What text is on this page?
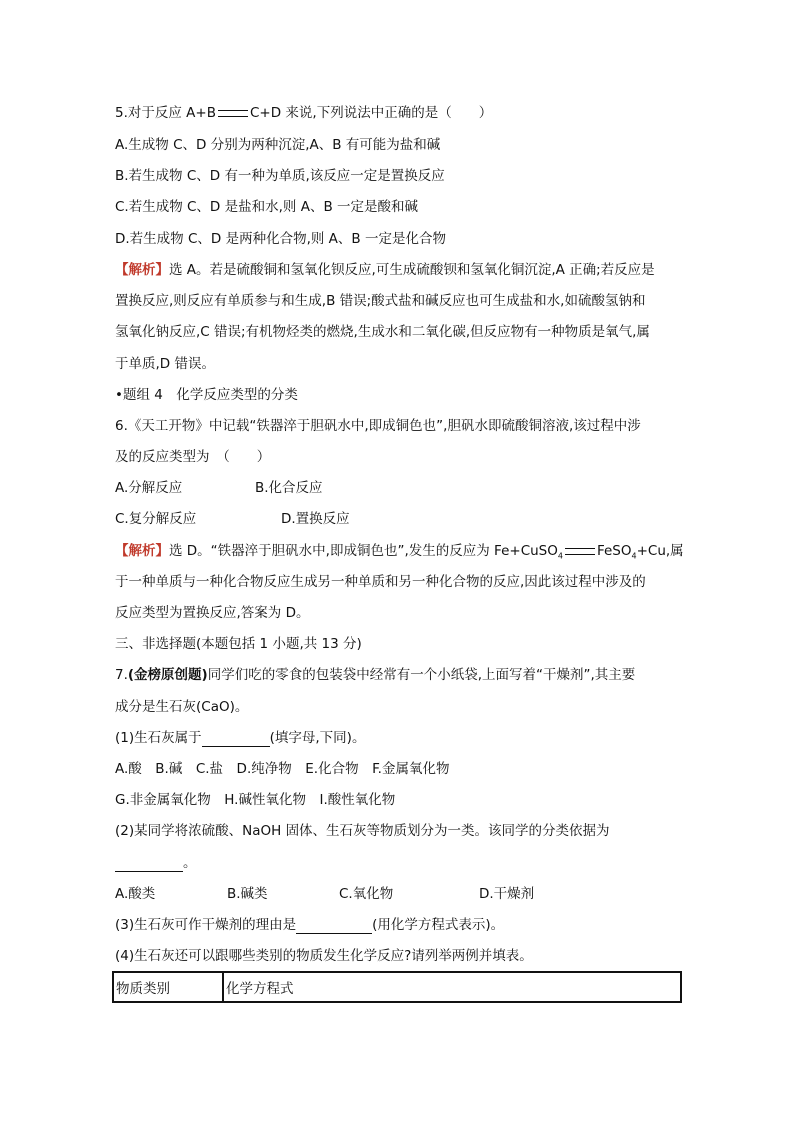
5.对于反应 A+B	C+D 来说,下列说法中正确的是（　　）
A.生成物 C、D 分别为两种沉淀,A、B 有可能为盐和碱
B.若生成物 C、D 有一种为单质,该反应一定是置换反应
C.若生成物 C、D 是盐和水,则 A、B 一定是酸和碱
D.若生成物 C、D 是两种化合物,则 A、B 一定是化合物
【解析】选 A。若是硫酸铜和氢氧化钡反应,可生成硫酸钡和氢氧化铜沉淀,A 正确;若反应是
置换反应,则反应有单质参与和生成,B 错误;酸式盐和碱反应也可生成盐和水,如硫酸氢钠和
氢氧化钠反应,C 错误;有机物烃类的燃烧,生成水和二氧化碳,但反应物有一种物质是氧气,属
于单质,D 错误。
•题组 4　化学反应类型的分类
6.《天工开物》中记载“铁器淬于胆矾水中,即成铜色也”,胆矾水即硫酸铜溶液,该过程中涉
及的反应类型为　（　　）
A.分解反应	B.化合反应
C.复分解反应	D.置换反应
【解析】选 D。“铁器淬于胆矾水中,即成铜色也”,发生的反应为 Fe+CuSO$_4$	FeSO$_4$+Cu,属
于一种单质与一种化合物反应生成另一种单质和另一种化合物的反应,因此该过程中涉及的
反应类型为置换反应,答案为 D。
三、非选择题(本题包括 1 小题,共 13 分)
7.(金榜原创题)同学们吃的零食的包装袋中经常有一个小纸袋,上面写着“干燥剂”,其主要
成分是生石灰(CaO)。
(1)生石灰属于	(填字母,下同)。
A.酸　B.碱　C.盐　D.纯净物　E.化合物　F.金属氧化物
G.非金属氧化物　H.碱性氧化物　I.酸性氧化物
(2)某同学将浓硫酸、NaOH 固体、生石灰等物质划分为一类。该同学的分类依据为
。
A.酸类	B.碱类	C.氧化物	D.干燥剂
(3)生石灰可作干燥剂的理由是	(用化学方程式表示)。
(4)生石灰还可以跟哪些类别的物质发生化学反应?请列举两例并填表。
物质类别	化学方程式
